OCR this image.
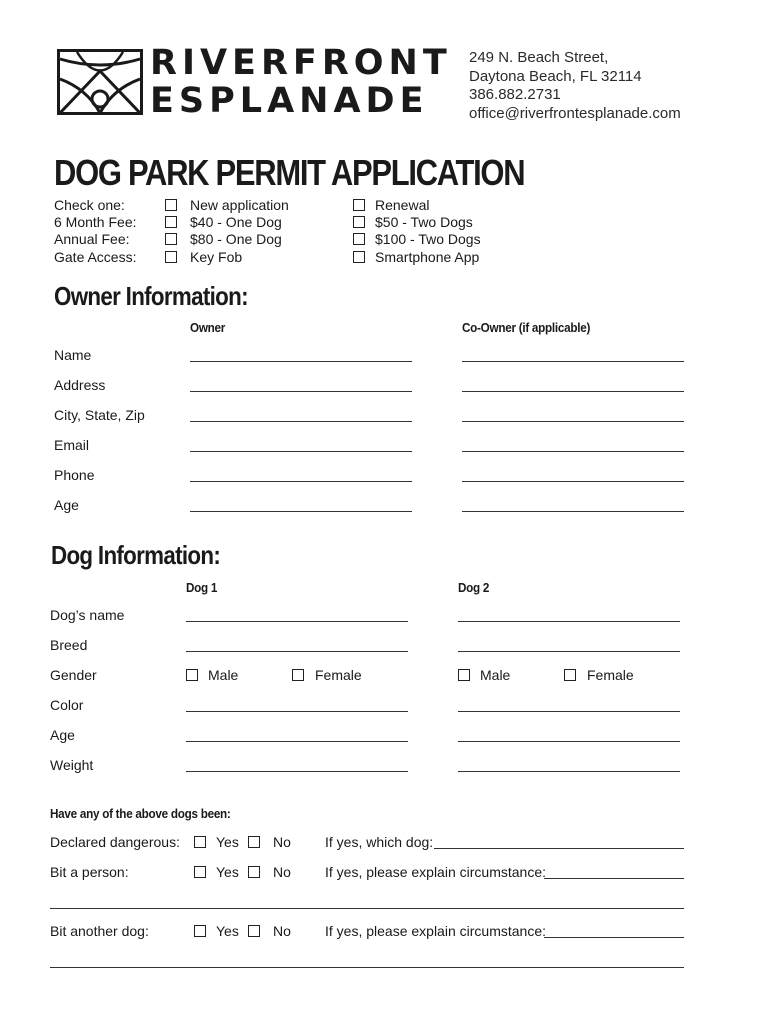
RIVERFRONT
ESPLANADE
249 N. Beach Street,
Daytona Beach, FL 32114
386.882.2731
office@riverfrontesplanade.com
DOG PARK PERMIT APPLICATION
Check one:	New application	Renewal
6 Month Fee:	$40 - One Dog	$50 - Two Dogs
Annual Fee:	$80 - One Dog	$100 - Two Dogs
Gate Access:	Key Fob	Smartphone App
Owner Information:
Owner	Co-Owner (if applicable)
Name
Address
City, State, Zip
Email
Phone
Age
Dog Information:
Dog 1	Dog 2
Dog’s name
Breed
Gender	Male	Female	Male	Female
Color
Age
Weight
Have any of the above dogs been:
Declared dangerous:	Yes No If yes, which dog:
Bit a person:	Yes No If yes, please explain circumstance:
Bit another dog:	Yes No If yes, please explain circumstance:
